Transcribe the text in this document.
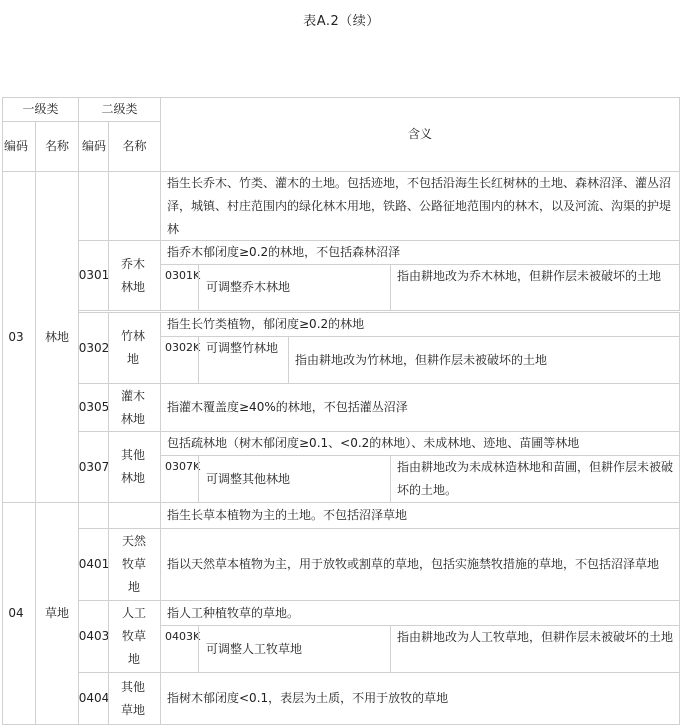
表A.2（续）
一级类	二级类
含义
编码 名称 编码	名称
03 林地
指生长乔木、竹类、灌木的土地。包括迹地，不包括沿海生长红树林的土地、森林沼泽、灌丛沼泽，城镇、村庄范围内的绿化林木用地，铁路、公路征地范围内的林木，以及河流、沟渠的护堤林
0301
乔木林地
指乔木郁闭度≥0.2的林地，不包括森林沼泽
0301K
可调整乔木林地
指由耕地改为乔木林地，但耕作层未被破坏的土地
0302
竹林地
指生长竹类植物，郁闭度≥0.2的林地
0302K 可调整竹林地
指由耕地改为竹林地，但耕作层未被破坏的土地
0305
灌木林地
指灌木覆盖度≥40%的林地，不包括灌丛沼泽
0307
其他林地
包括疏林地（树木郁闭度≥0.1、<0.2的林地）、未成林地、迹地、苗圃等林地
0307K
可调整其他林地
指由耕地改为未成林造林地和苗圃，但耕作层未被破坏的土地。
04 草地
指生长草本植物为主的土地。不包括沼泽草地
0401
天然牧草地
指以天然草本植物为主，用于放牧或割草的草地，包括实施禁牧措施的草地，不包括沼泽草地
0403
人工牧草地
指人工种植牧草的草地。
0403K
可调整人工牧草地
指由耕地改为人工牧草地，但耕作层未被破坏的土地
0404
其他草地
指树木郁闭度<0.1，表层为土质，不用于放牧的草地
